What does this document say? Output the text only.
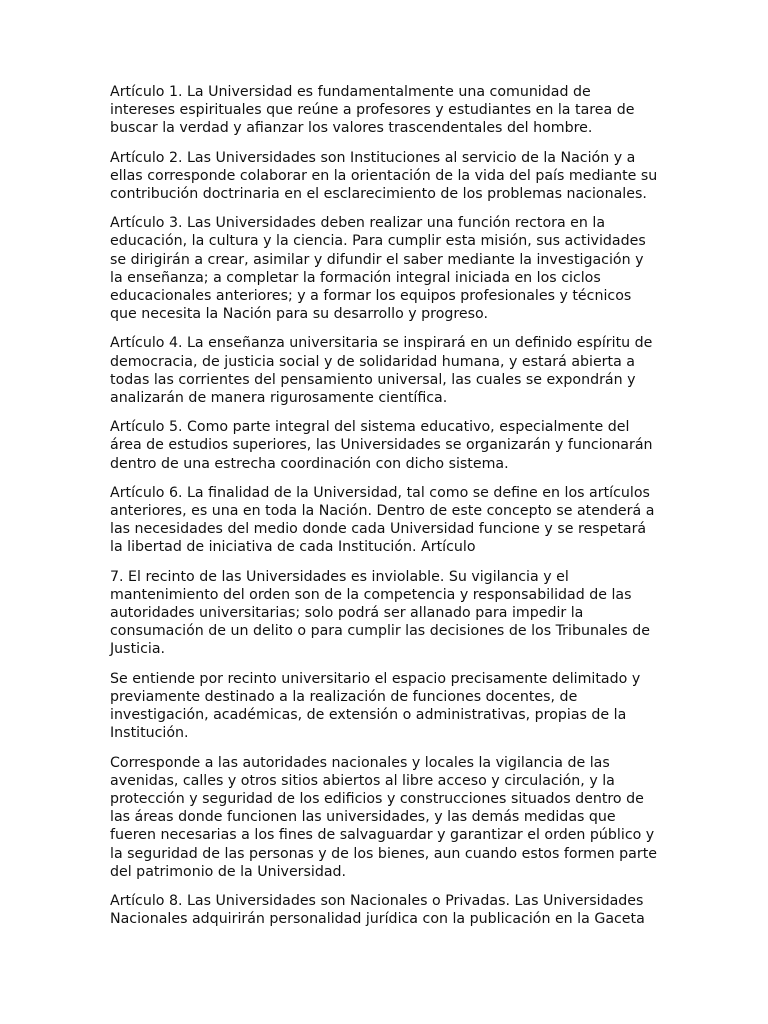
Artículo 1. La Universidad es fundamentalmente una comunidad de intereses espirituales que reúne a profesores y estudiantes en la tarea de buscar la verdad y afianzar los valores trascendentales del hombre.

Artículo 2. Las Universidades son Instituciones al servicio de la Nación y a ellas corresponde colaborar en la orientación de la vida del país mediante su contribución doctrinaria en el esclarecimiento de los problemas nacionales.

Artículo 3. Las Universidades deben realizar una función rectora en la educación, la cultura y la ciencia. Para cumplir esta misión, sus actividades se dirigirán a crear, asimilar y difundir el saber mediante la investigación y la enseñanza; a completar la formación integral iniciada en los ciclos educacionales anteriores; y a formar los equipos profesionales y técnicos que necesita la Nación para su desarrollo y progreso.

Artículo 4. La enseñanza universitaria se inspirará en un definido espíritu de democracia, de justicia social y de solidaridad humana, y estará abierta a todas las corrientes del pensamiento universal, las cuales se expondrán y analizarán de manera rigurosamente científica.

Artículo 5. Como parte integral del sistema educativo, especialmente del área de estudios superiores, las Universidades se organizarán y funcionarán dentro de una estrecha coordinación con dicho sistema.

Artículo 6. La finalidad de la Universidad, tal como se define en los artículos anteriores, es una en toda la Nación. Dentro de este concepto se atenderá a las necesidades del medio donde cada Universidad funcione y se respetará la libertad de iniciativa de cada Institución. Artículo

7. El recinto de las Universidades es inviolable. Su vigilancia y el mantenimiento del orden son de la competencia y responsabilidad de las autoridades universitarias; solo podrá ser allanado para impedir la consumación de un delito o para cumplir las decisiones de los Tribunales de Justicia.

Se entiende por recinto universitario el espacio precisamente delimitado y previamente destinado a la realización de funciones docentes, de investigación, académicas, de extensión o administrativas, propias de la Institución.

Corresponde a las autoridades nacionales y locales la vigilancia de las avenidas, calles y otros sitios abiertos al libre acceso y circulación, y la protección y seguridad de los edificios y construcciones situados dentro de las áreas donde funcionen las universidades, y las demás medidas que fueren necesarias a los fines de salvaguardar y garantizar el orden público y la seguridad de las personas y de los bienes, aun cuando estos formen parte del patrimonio de la Universidad.

Artículo 8. Las Universidades son Nacionales o Privadas. Las Universidades Nacionales adquirirán personalidad jurídica con la publicación en la Gaceta
